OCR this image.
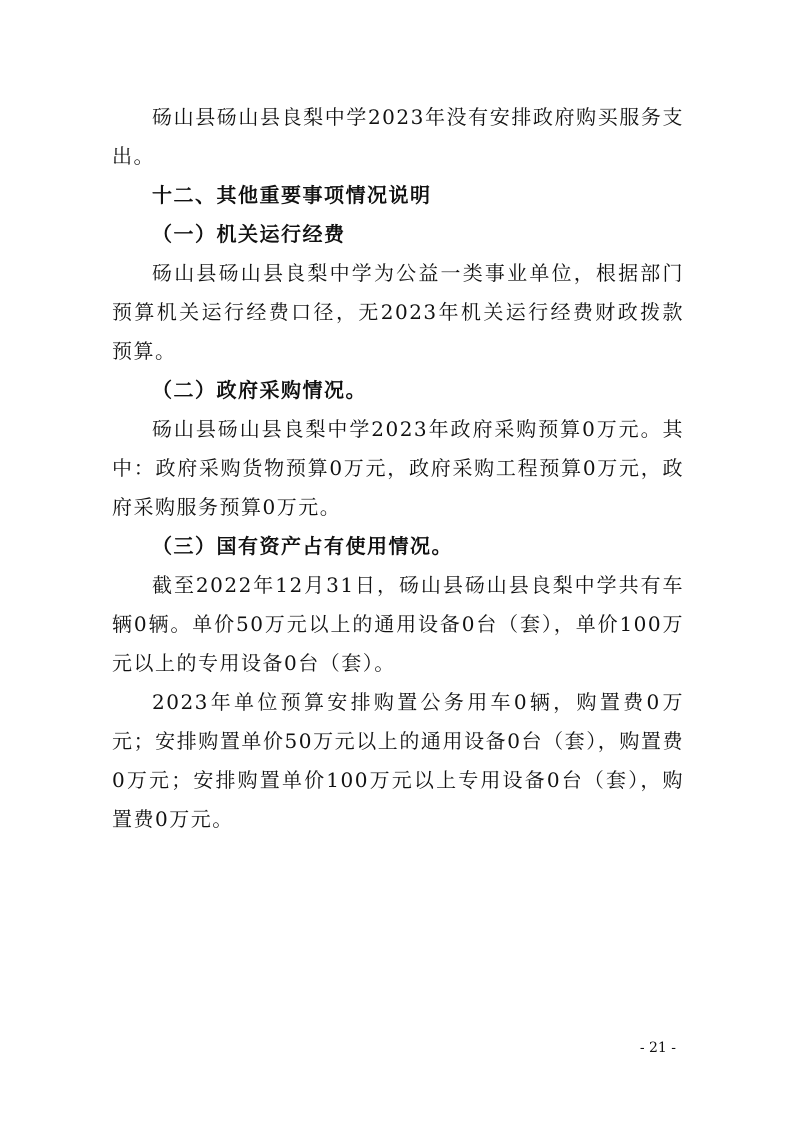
砀山县砀山县良梨中学2023年没有安排政府购买服务支出。

十二、其他重要事项情况说明

（一）机关运行经费

砀山县砀山县良梨中学为公益一类事业单位，根据部门预算机关运行经费口径，无2023年机关运行经费财政拨款预算。

（二）政府采购情况。

砀山县砀山县良梨中学2023年政府采购预算0万元。其中：政府采购货物预算0万元，政府采购工程预算0万元，政府采购服务预算0万元。

（三）国有资产占有使用情况。

截至2022年12月31日，砀山县砀山县良梨中学共有车辆0辆。单价50万元以上的通用设备0台（套），单价100万元以上的专用设备0台（套）。

2023年单位预算安排购置公务用车0辆，购置费0万元；安排购置单价50万元以上的通用设备0台（套），购置费0万元；安排购置单价100万元以上专用设备0台（套），购置费0万元。

- 21 -
